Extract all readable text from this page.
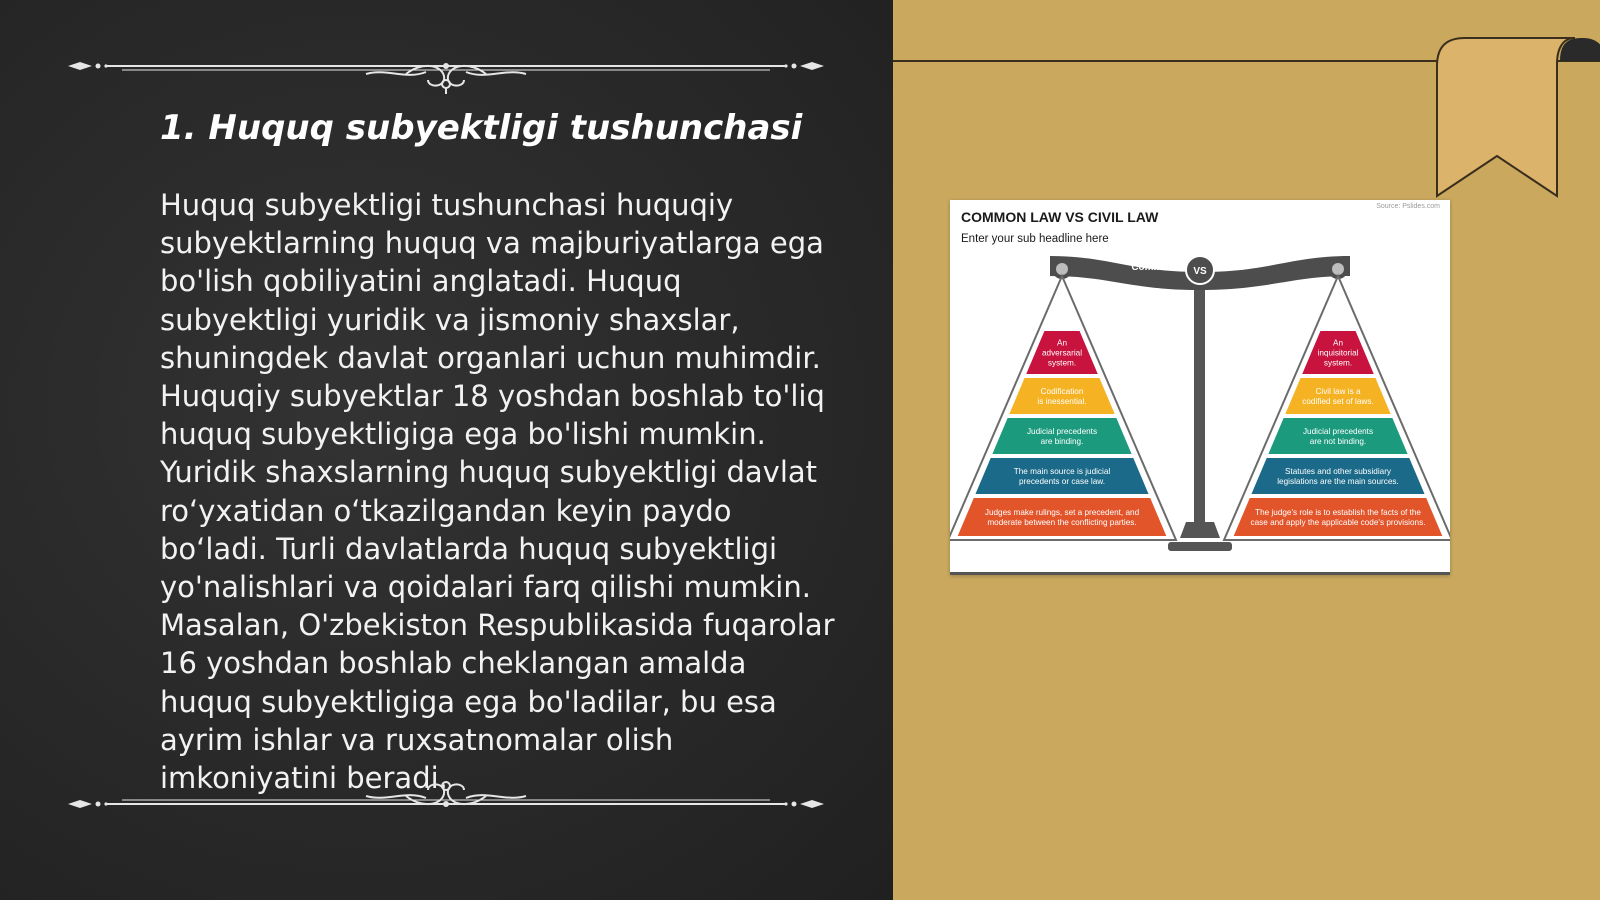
1. Huquq subyektligi tushunchasi

Huquq subyektligi tushunchasi huquqiy subyektlarning huquq va majburiyatlarga ega bo'lish qobiliyatini anglatadi. Huquq subyektligi yuridik va jismoniy shaxslar, shuningdek davlat organlari uchun muhimdir. Huquqiy subyektlar 18 yoshdan boshlab to'liq huquq subyektligiga ega bo'lishi mumkin. Yuridik shaxslarning huquq subyektligi davlat ro‘yxatidan o‘tkazilgandan keyin paydo bo‘ladi. Turli davlatlarda huquq subyektligi yo'nalishlari va qoidalari farq qilishi mumkin. Masalan, O'zbekiston Respublikasida fuqarolar 16 yoshdan boshlab cheklangan amalda huquq subyektligiga ega bo'ladilar, bu esa ayrim ishlar va ruxsatnomalar olish imkoniyatini beradi.

VS
Common	Civil
An
adversarial
system.
Codification
is inessential.
Judicial precedents
are binding.
The main source is judicial
precedents or case law.
Judges make rulings, set a precedent, and
moderate between the conflicting parties.
An
inquisitorial
system.
Civil law is a
codified set of laws.
Judicial precedents
are not binding.
Statutes and other subsidiary
legislations are the main sources.
The judge's role is to establish the facts of the
case and apply the applicable code's provisions.
Source: Pslides.com
COMMON LAW VS CIVIL LAW
Enter your sub headline here
